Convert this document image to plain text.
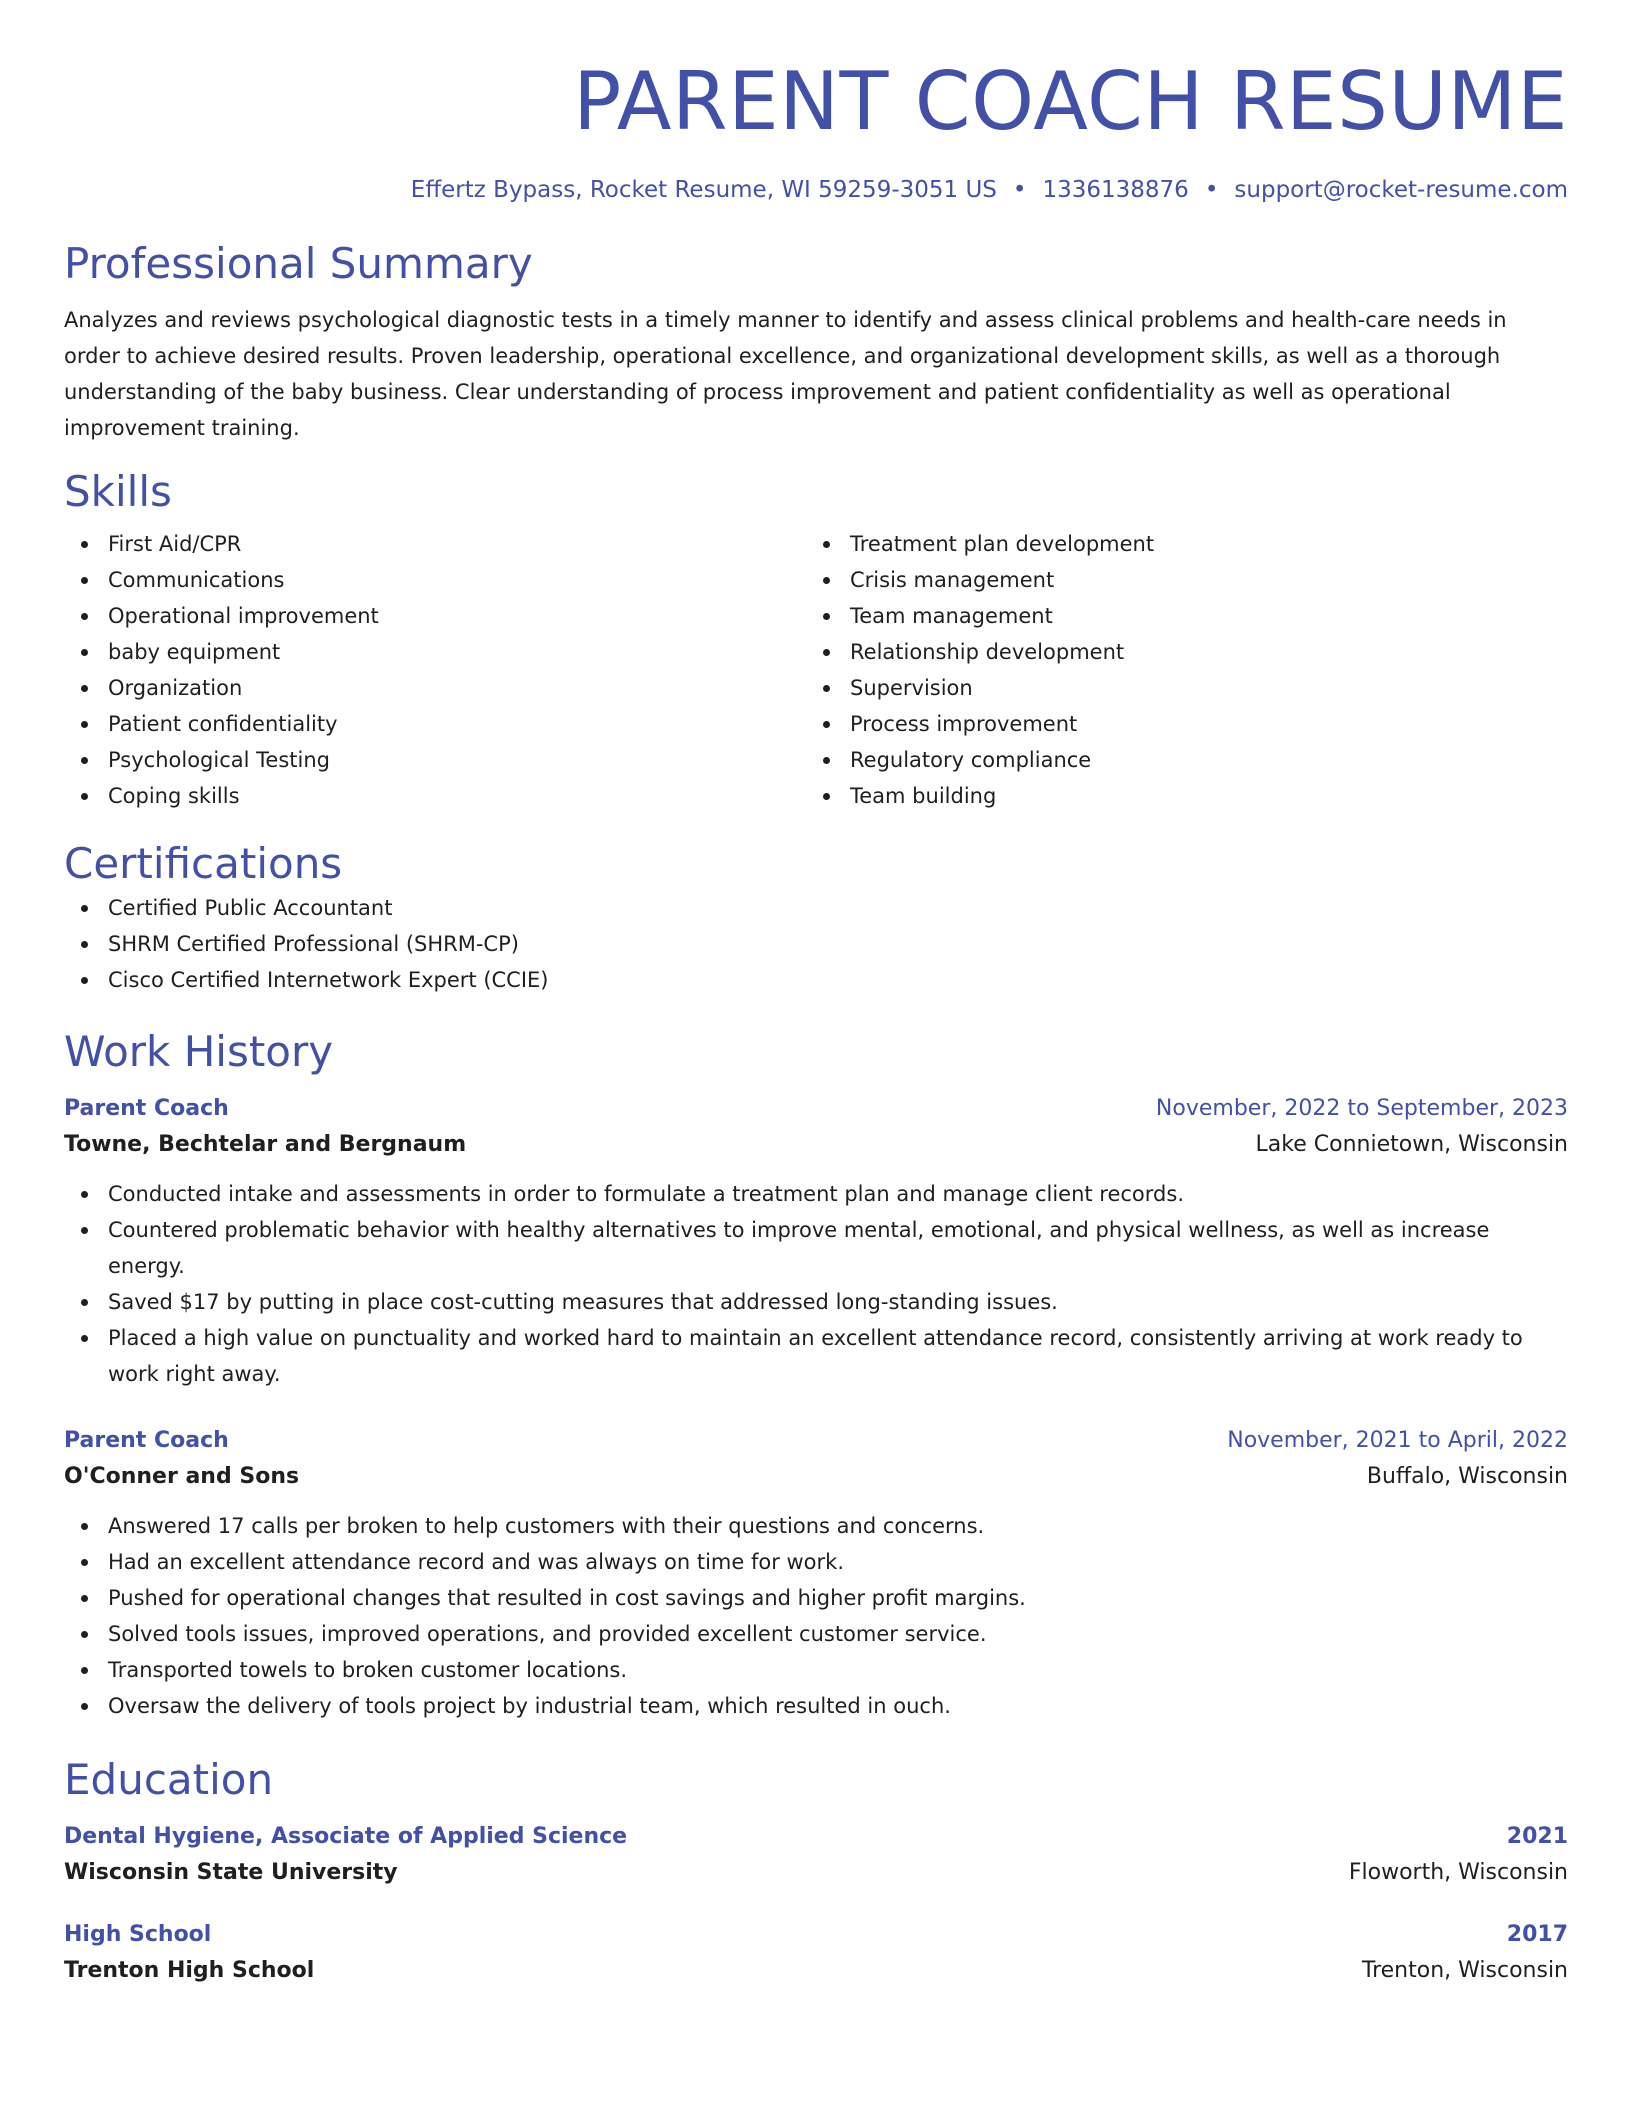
PARENT COACH RESUME
Effertz Bypass, Rocket Resume, WI 59259-3051 US • 1336138876 • support@rocket-resume.com
Professional Summary
Analyzes and reviews psychological diagnostic tests in a timely manner to identify and assess clinical problems and health-care needs in order to achieve desired results. Proven leadership, operational excellence, and organizational development skills, as well as a thorough understanding of the baby business. Clear understanding of process improvement and patient confidentiality as well as operational improvement training.
Skills
First Aid/CPR
Communications
Operational improvement
baby equipment
Organization
Patient confidentiality
Psychological Testing
Coping skills
Treatment plan development
Crisis management
Team management
Relationship development
Supervision
Process improvement
Regulatory compliance
Team building
Certifications
Certified Public Accountant
SHRM Certified Professional (SHRM-CP)
Cisco Certified Internetwork Expert (CCIE)
Work History
Parent Coach	November, 2022 to September, 2023
Towne, Bechtelar and Bergnaum	Lake Connietown, Wisconsin
Conducted intake and assessments in order to formulate a treatment plan and manage client records.
Countered problematic behavior with healthy alternatives to improve mental, emotional, and physical wellness, as well as increase energy.
Saved $17 by putting in place cost-cutting measures that addressed long-standing issues.
Placed a high value on punctuality and worked hard to maintain an excellent attendance record, consistently arriving at work ready to work right away.
Parent Coach	November, 2021 to April, 2022
O'Conner and Sons	Buffalo, Wisconsin
Answered 17 calls per broken to help customers with their questions and concerns.
Had an excellent attendance record and was always on time for work.
Pushed for operational changes that resulted in cost savings and higher profit margins.
Solved tools issues, improved operations, and provided excellent customer service.
Transported towels to broken customer locations.
Oversaw the delivery of tools project by industrial team, which resulted in ouch.
Education
Dental Hygiene, Associate of Applied Science	2021
Wisconsin State University	Floworth, Wisconsin
High School	2017
Trenton High School	Trenton, Wisconsin
